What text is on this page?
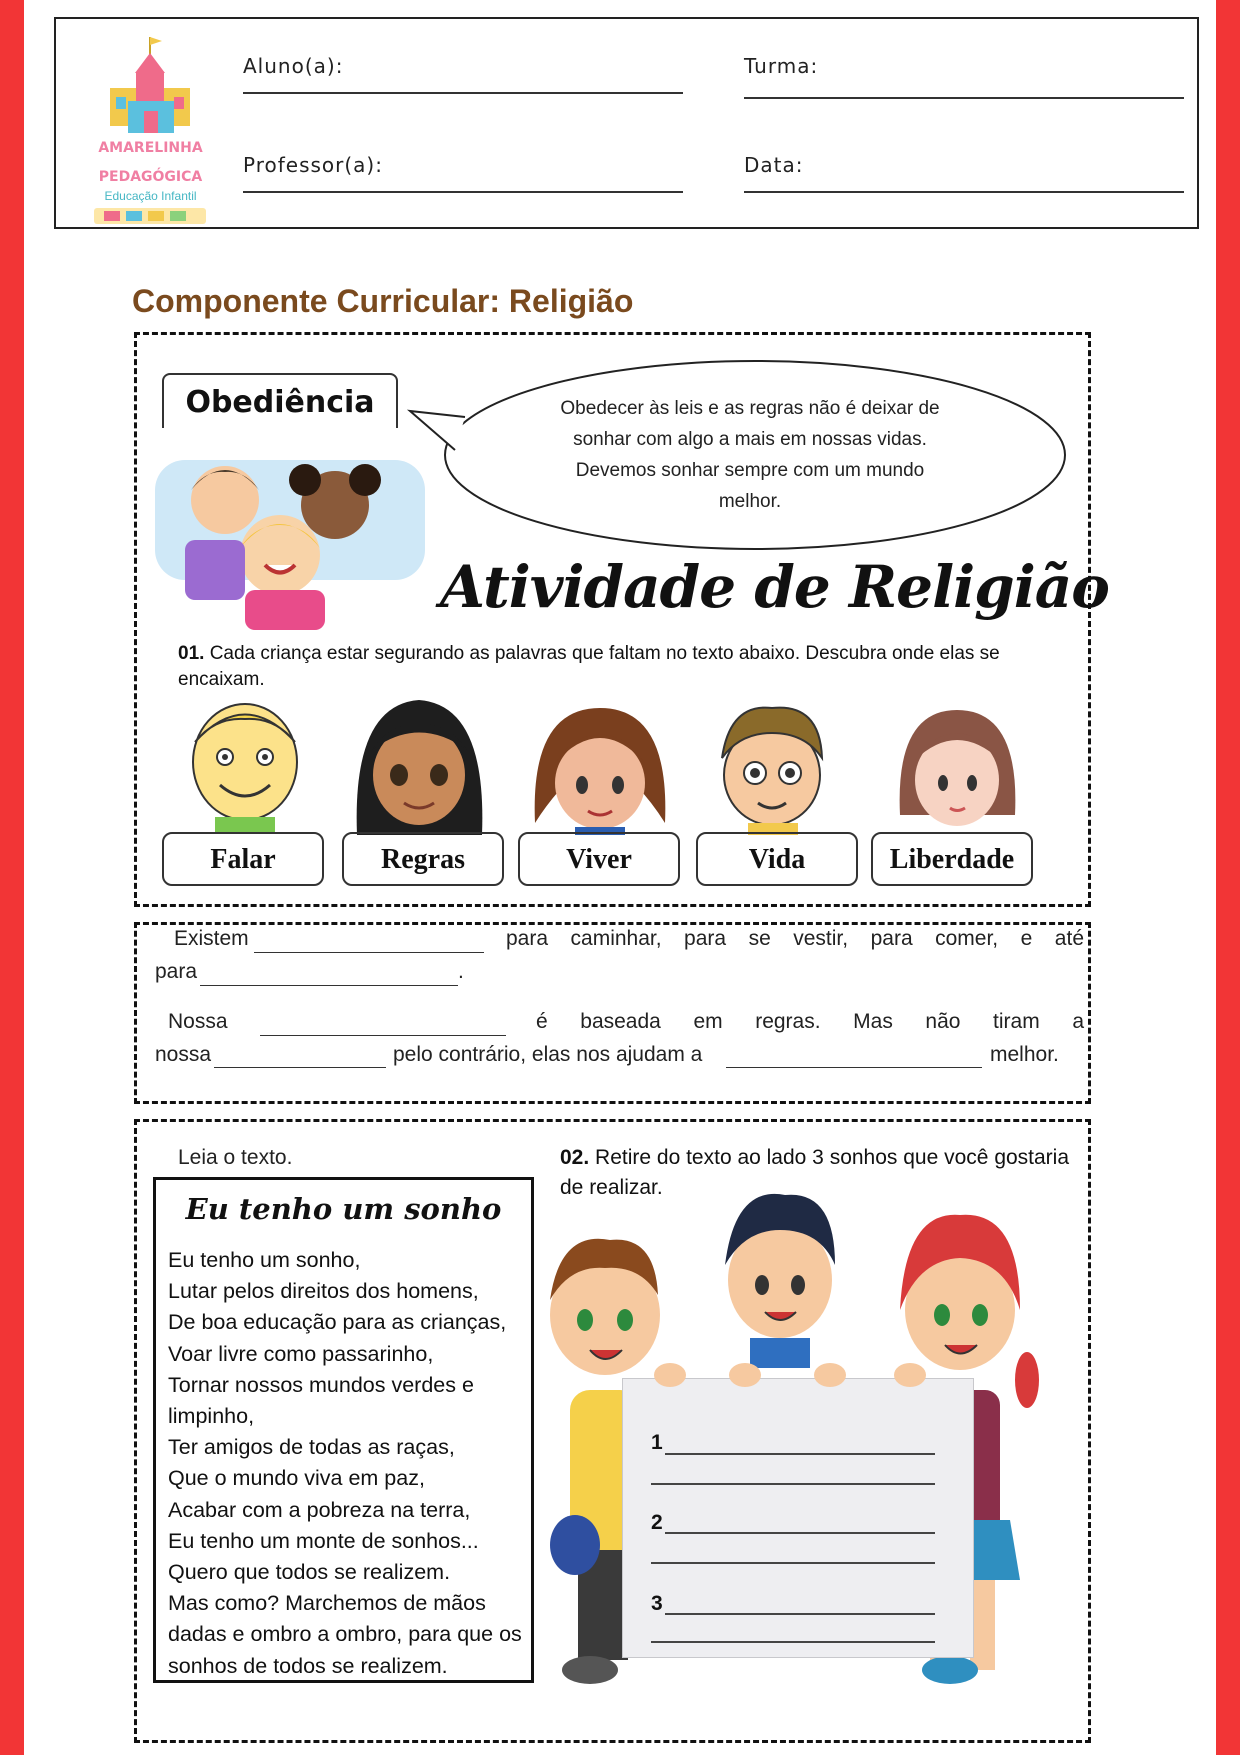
AMARELINHA
PEDAGÓGICA
Educação Infantil
Aluno(a):	Turma:
Professor(a):	Data:
Componente Curricular: Religião
Obediência	Obedecer às leis e as regras não é deixar de
sonhar com algo a mais em nossas vidas.
Devemos sonhar sempre com um mundo
melhor.
Atividade de Religião
01. Cada criança estar segurando as palavras que faltam no texto abaixo. Descubra onde elas se encaixam.
Falar	Regras	Viver	Vida	Liberdade
Existem	para caminhar, para se vestir, para comer, e até
para	.
Nossa	é baseada em regras. Mas não tiram a
nossa	pelo contrário, elas nos ajudam a	melhor.
Leia o texto.
Eu tenho um sonho
Eu tenho um sonho,
Lutar pelos direitos dos homens,
De boa educação para as crianças,
Voar livre como passarinho,
Tornar nossos mundos verdes e
limpinho,
Ter amigos de todas as raças,
Que o mundo viva em paz,
Acabar com a pobreza na terra,
Eu tenho um monte de sonhos...
Quero que todos se realizem.
Mas como? Marchemos de mãos
dadas e ombro a ombro, para que os
sonhos de todos se realizem.
02. Retire do texto ao lado 3 sonhos que você gostaria de realizar.
1
2
3
